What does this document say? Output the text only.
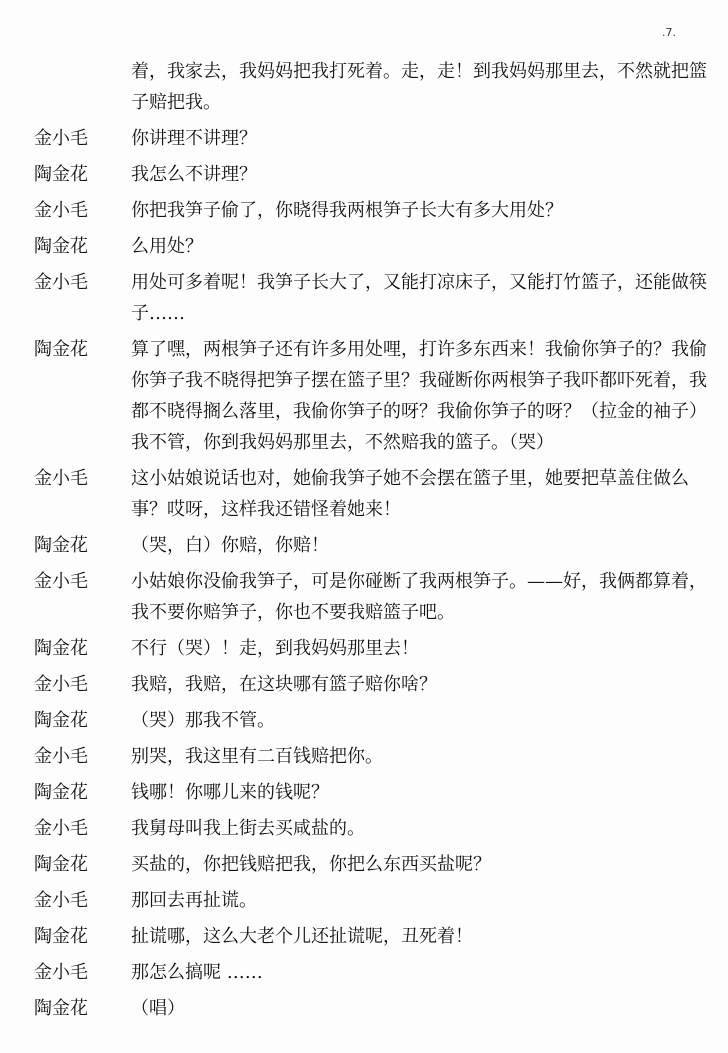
.7.
着，我家去，我妈妈把我打死着。走，走！到我妈妈那里去，不然就把篮子赔把我。
金小毛	你讲理不讲理？
陶金花	我怎么不讲理？
金小毛	你把我笋子偷了，你晓得我两根笋子长大有多大用处？
陶金花	么用处？
金小毛	用处可多着呢！我笋子长大了，又能打凉床子，又能打竹篮子，还能做筷子……
陶金花	算了嘿，两根笋子还有许多用处哩，打许多东西来！我偷你笋子的？我偷你笋子我不晓得把笋子摆在篮子里？我碰断你两根笋子我吓都吓死着，我都不晓得搁么落里，我偷你笋子的呀？我偷你笋子的呀？（拉金的袖子）我不管，你到我妈妈那里去，不然赔我的篮子。（哭）
金小毛	这小姑娘说话也对，她偷我笋子她不会摆在篮子里，她要把草盖住做么事？哎呀，这样我还错怪着她来！
陶金花	（哭，白）你赔，你赔！
金小毛	小姑娘你没偷我笋子，可是你碰断了我两根笋子。——好，我俩都算着，我不要你赔笋子，你也不要我赔篮子吧。
陶金花	不行（哭）！走，到我妈妈那里去！
金小毛	我赔，我赔，在这块哪有篮子赔你啥？
陶金花	（哭）那我不管。
金小毛	别哭，我这里有二百钱赔把你。
陶金花	钱哪！你哪儿来的钱呢？
金小毛	我舅母叫我上街去买咸盐的。
陶金花	买盐的，你把钱赔把我，你把么东西买盐呢？
金小毛	那回去再扯谎。
陶金花	扯谎哪，这么大老个儿还扯谎呢，丑死着！
金小毛	那怎么搞呢 ……
陶金花	（唱）
